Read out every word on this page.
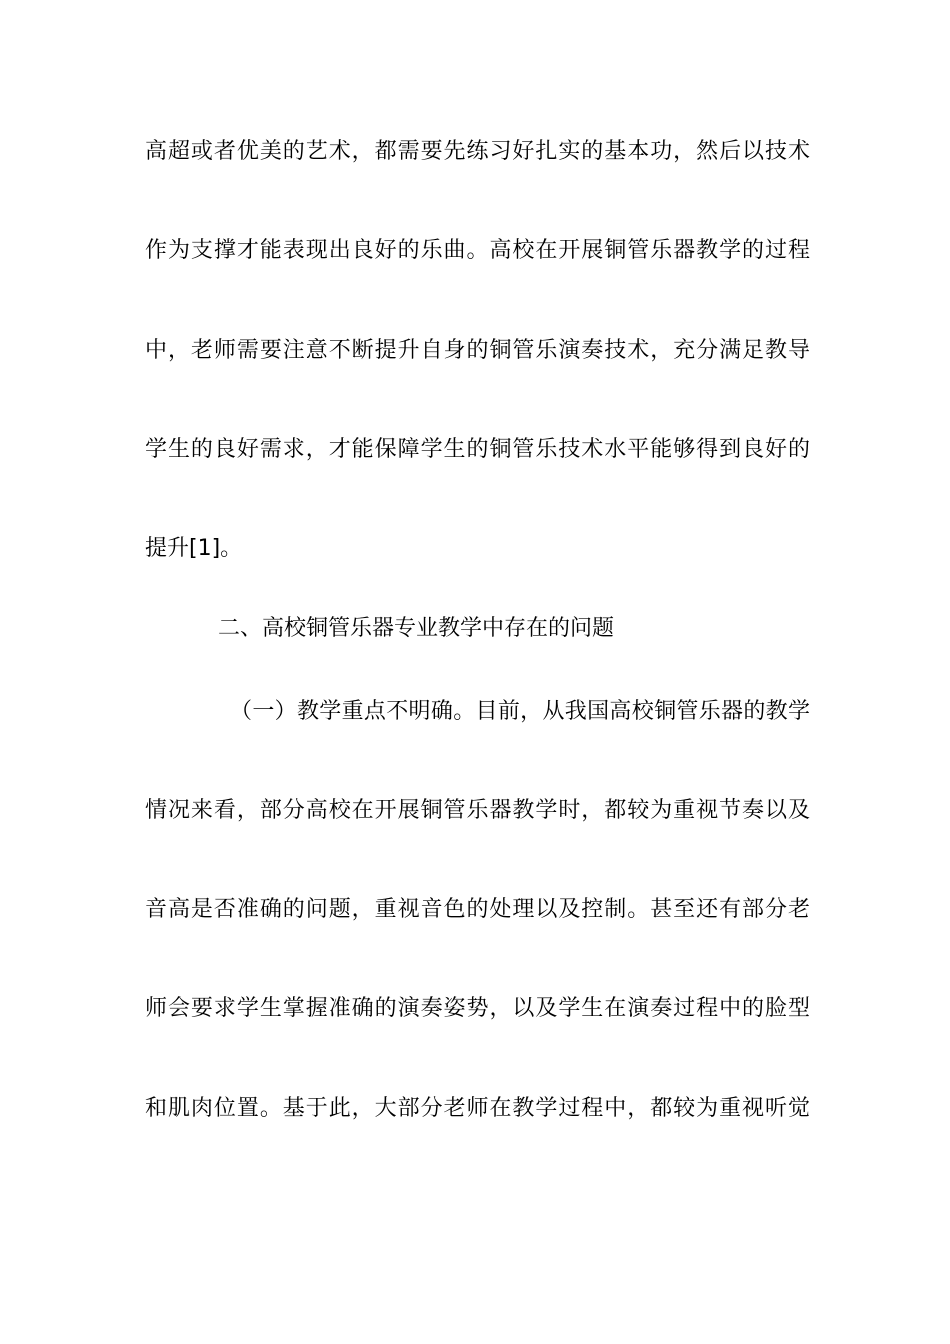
高超或者优美的艺术，都需要先练习好扎实的基本功，然后以技术
作为支撑才能表现出良好的乐曲。高校在开展铜管乐器教学的过程
中，老师需要注意不断提升自身的铜管乐演奏技术，充分满足教导
学生的良好需求，才能保障学生的铜管乐技术水平能够得到良好的
提升[1]。
二、高校铜管乐器专业教学中存在的问题
（一）教学重点不明确。目前，从我国高校铜管乐器的教学
情况来看，部分高校在开展铜管乐器教学时，都较为重视节奏以及
音高是否准确的问题，重视音色的处理以及控制。甚至还有部分老
师会要求学生掌握准确的演奏姿势，以及学生在演奏过程中的脸型
和肌肉位置。基于此，大部分老师在教学过程中，都较为重视听觉
